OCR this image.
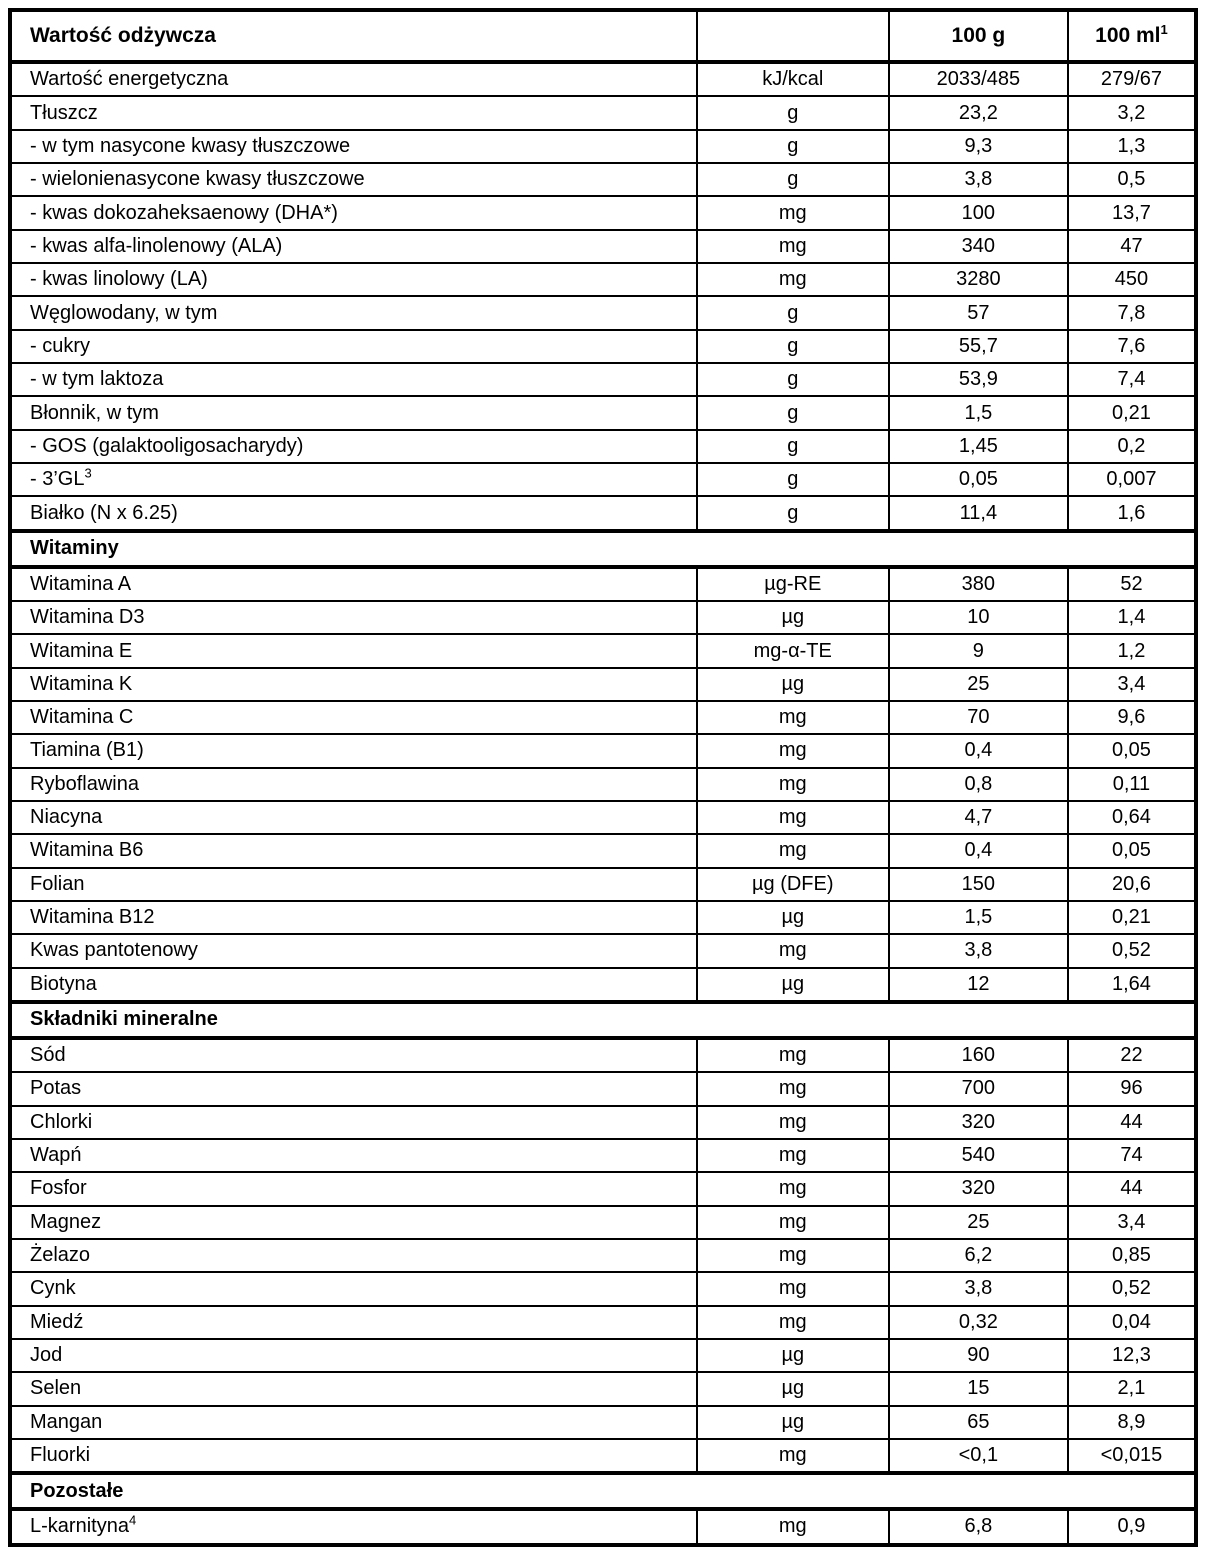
Wartość odżywcza		100 g	100 $ml^1$
Wartość energetyczna	kJ/kcal	2033/485	279/67
Tłuszcz	g	23,2	3,2
- w tym nasycone kwasy tłuszczowe	g	9,3	1,3
- wielonienasycone kwasy tłuszczowe	g	3,8	0,5
- kwas dokozaheksaenowy (DHA*)	mg	100	13,7
- kwas alfa-linolenowy (ALA)	mg	340	47
- kwas linolowy (LA)	mg	3280	450
Węglowodany, w tym	g	57	7,8
- cukry	g	55,7	7,6
- w tym laktoza	g	53,9	7,4
Błonnik, w tym	g	1,5	0,21
- GOS (galaktooligosacharydy)	g	1,45	0,2
- $3’GL^3$	g	0,05	0,007
Białko (N x 6.25)	g	11,4	1,6
Witaminy			
Witamina A	µg-RE	380	52
Witamina D3	µg	10	1,4
Witamina E	mg-α-TE	9	1,2
Witamina K	µg	25	3,4
Witamina C	mg	70	9,6
Tiamina (B1)	mg	0,4	0,05
Ryboflawina	mg	0,8	0,11
Niacyna	mg	4,7	0,64
Witamina B6	mg	0,4	0,05
Folian	µg (DFE)	150	20,6
Witamina B12	µg	1,5	0,21
Kwas pantotenowy	mg	3,8	0,52
Biotyna	µg	12	1,64
Składniki mineralne			
Sód	mg	160	22
Potas	mg	700	96
Chlorki	mg	320	44
Wapń	mg	540	74
Fosfor	mg	320	44
Magnez	mg	25	3,4
Żelazo	mg	6,2	0,85
Cynk	mg	3,8	0,52
Miedź	mg	0,32	0,04
Jod	µg	90	12,3
Selen	µg	15	2,1
Mangan	µg	65	8,9
Fluorki	mg	<0,1	<0,015
Pozostałe			
L-karnityna$^4$	mg	6,8	0,9
